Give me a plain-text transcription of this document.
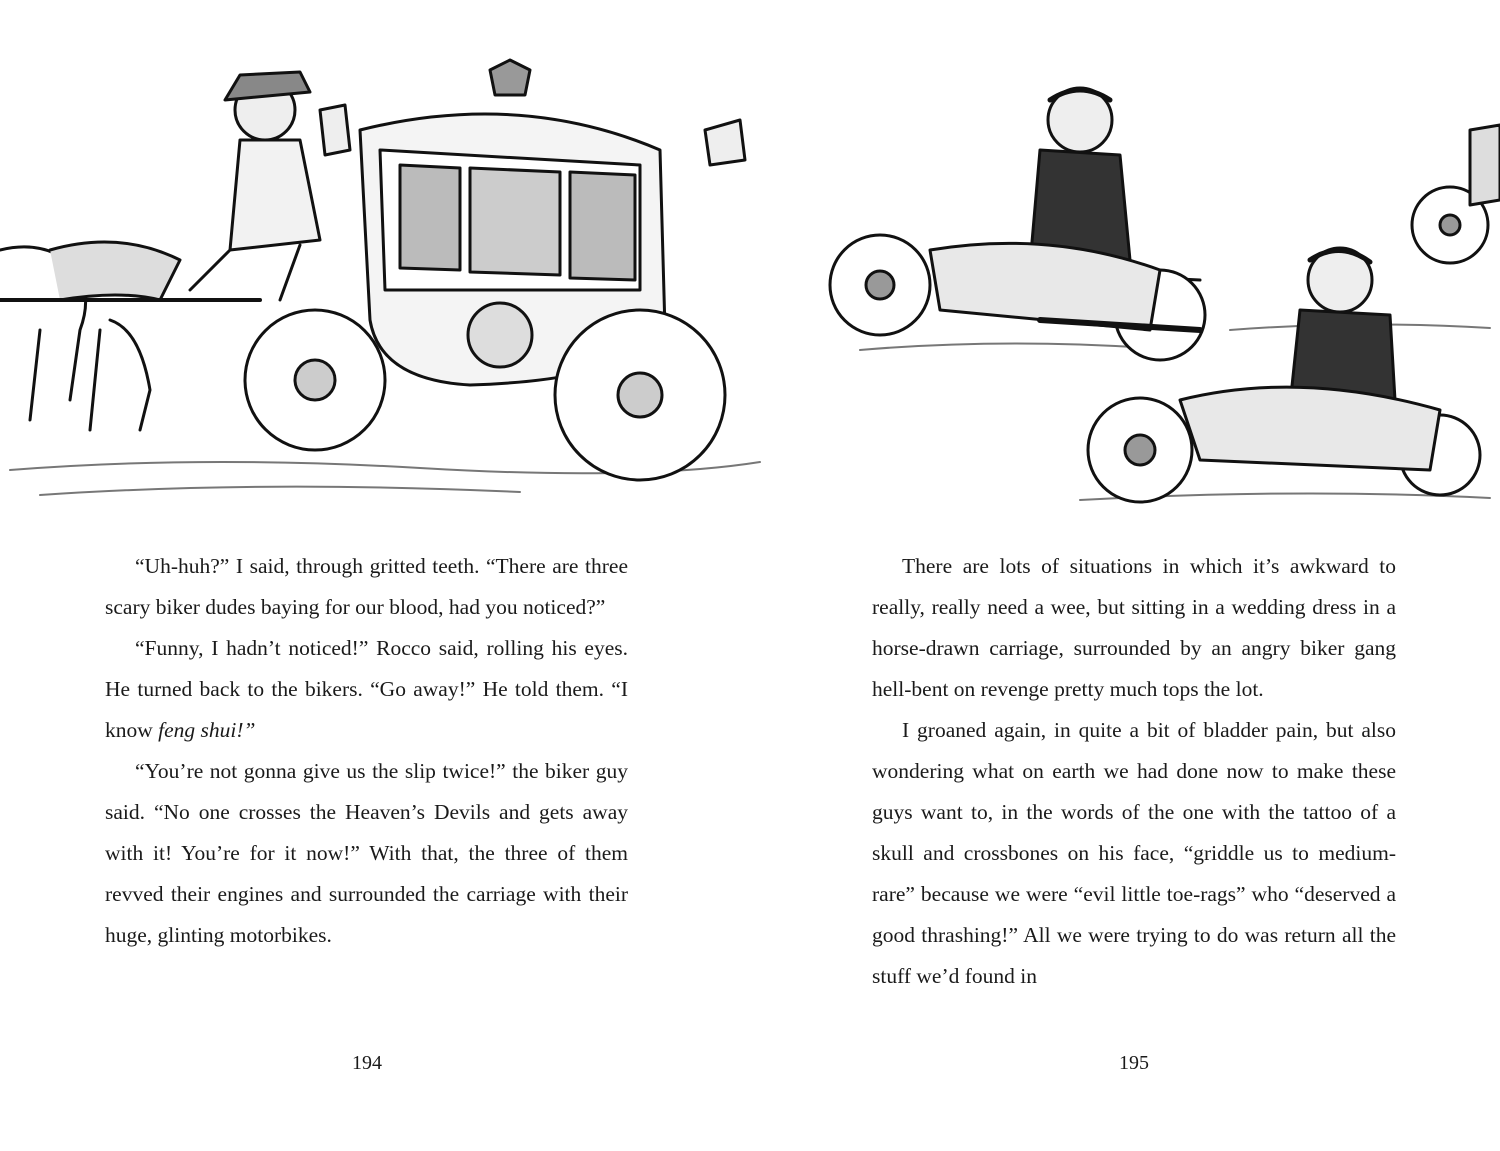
“Uh-huh?” I said, through gritted teeth. “There are three scary biker dudes baying for our blood, had you noticed?”

“Funny, I hadn’t noticed!” Rocco said, rolling his eyes. He turned back to the bikers. “Go away!” He told them. “I know feng shui!”

“You’re not gonna give us the slip twice!” the biker guy said. “No one crosses the Heaven’s Devils and gets away with it! You’re for it now!” With that, the three of them revved their engines and surrounded the carriage with their huge, glinting motorbikes.

There are lots of situations in which it’s awkward to really, really need a wee, but sitting in a wedding dress in a horse-drawn carriage, surrounded by an angry biker gang hell-bent on revenge pretty much tops the lot.

I groaned again, in quite a bit of bladder pain, but also wondering what on earth we had done now to make these guys want to, in the words of the one with the tattoo of a skull and crossbones on his face, “griddle us to medium-rare” because we were “evil little toe-rags” who “deserved a good thrashing!” All we were trying to do was return all the stuff we’d found in

194	195
